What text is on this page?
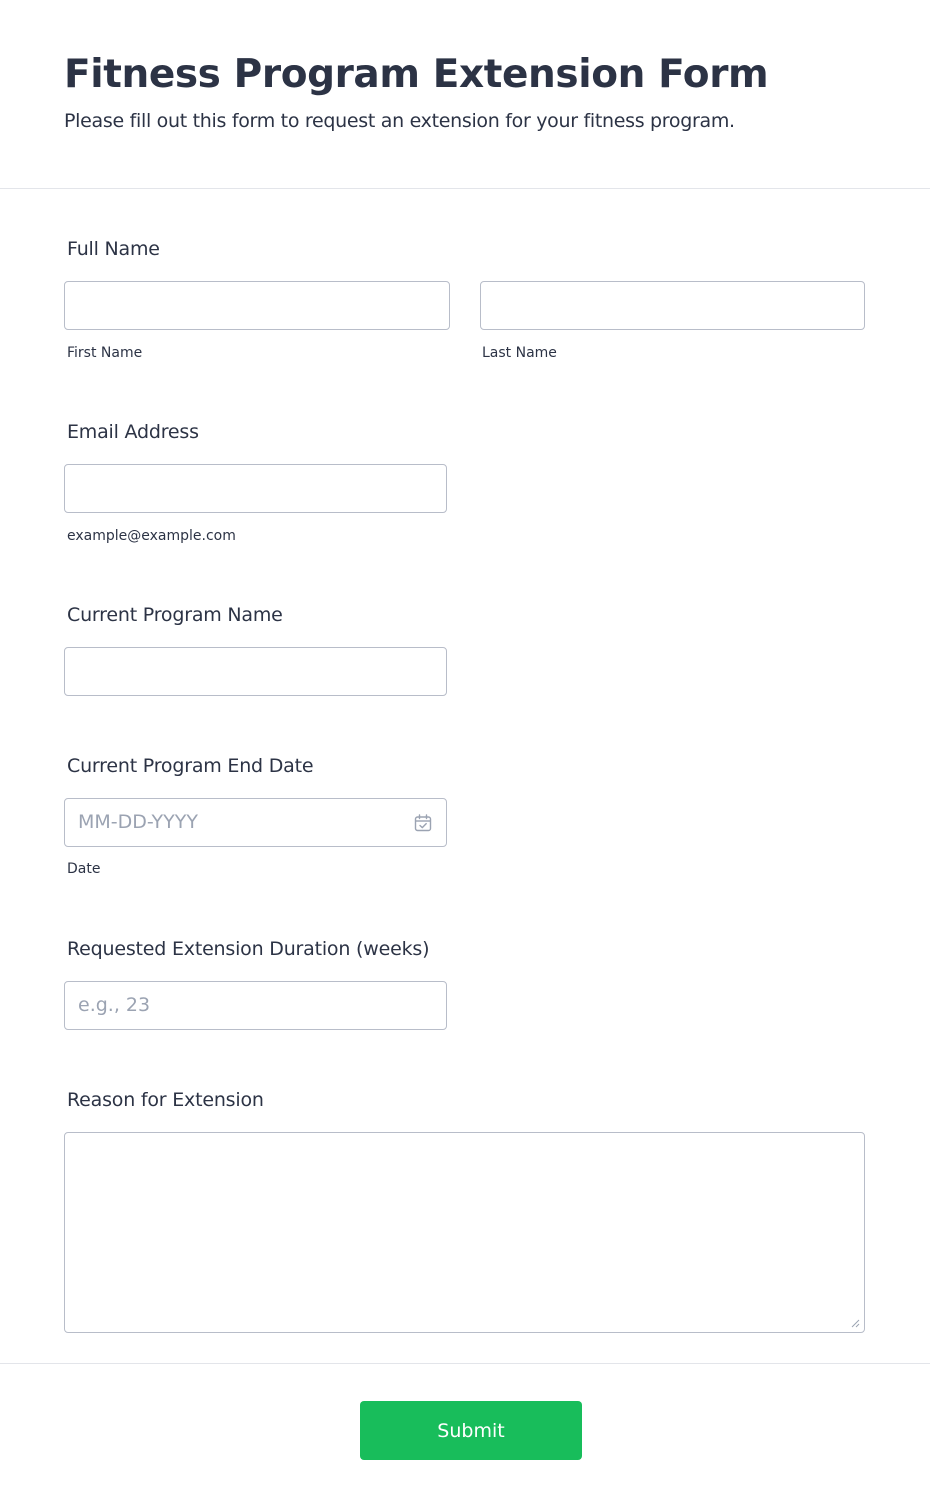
Fitness Program Extension Form

Please fill out this form to request an extension for your fitness program.

Full Name
First Name	Last Name
Email Address
example@example.com
Current Program Name
Current Program End Date
MM-DD-YYYY
Date
Requested Extension Duration (weeks)
e.g., 23
Reason for Extension
Submit
